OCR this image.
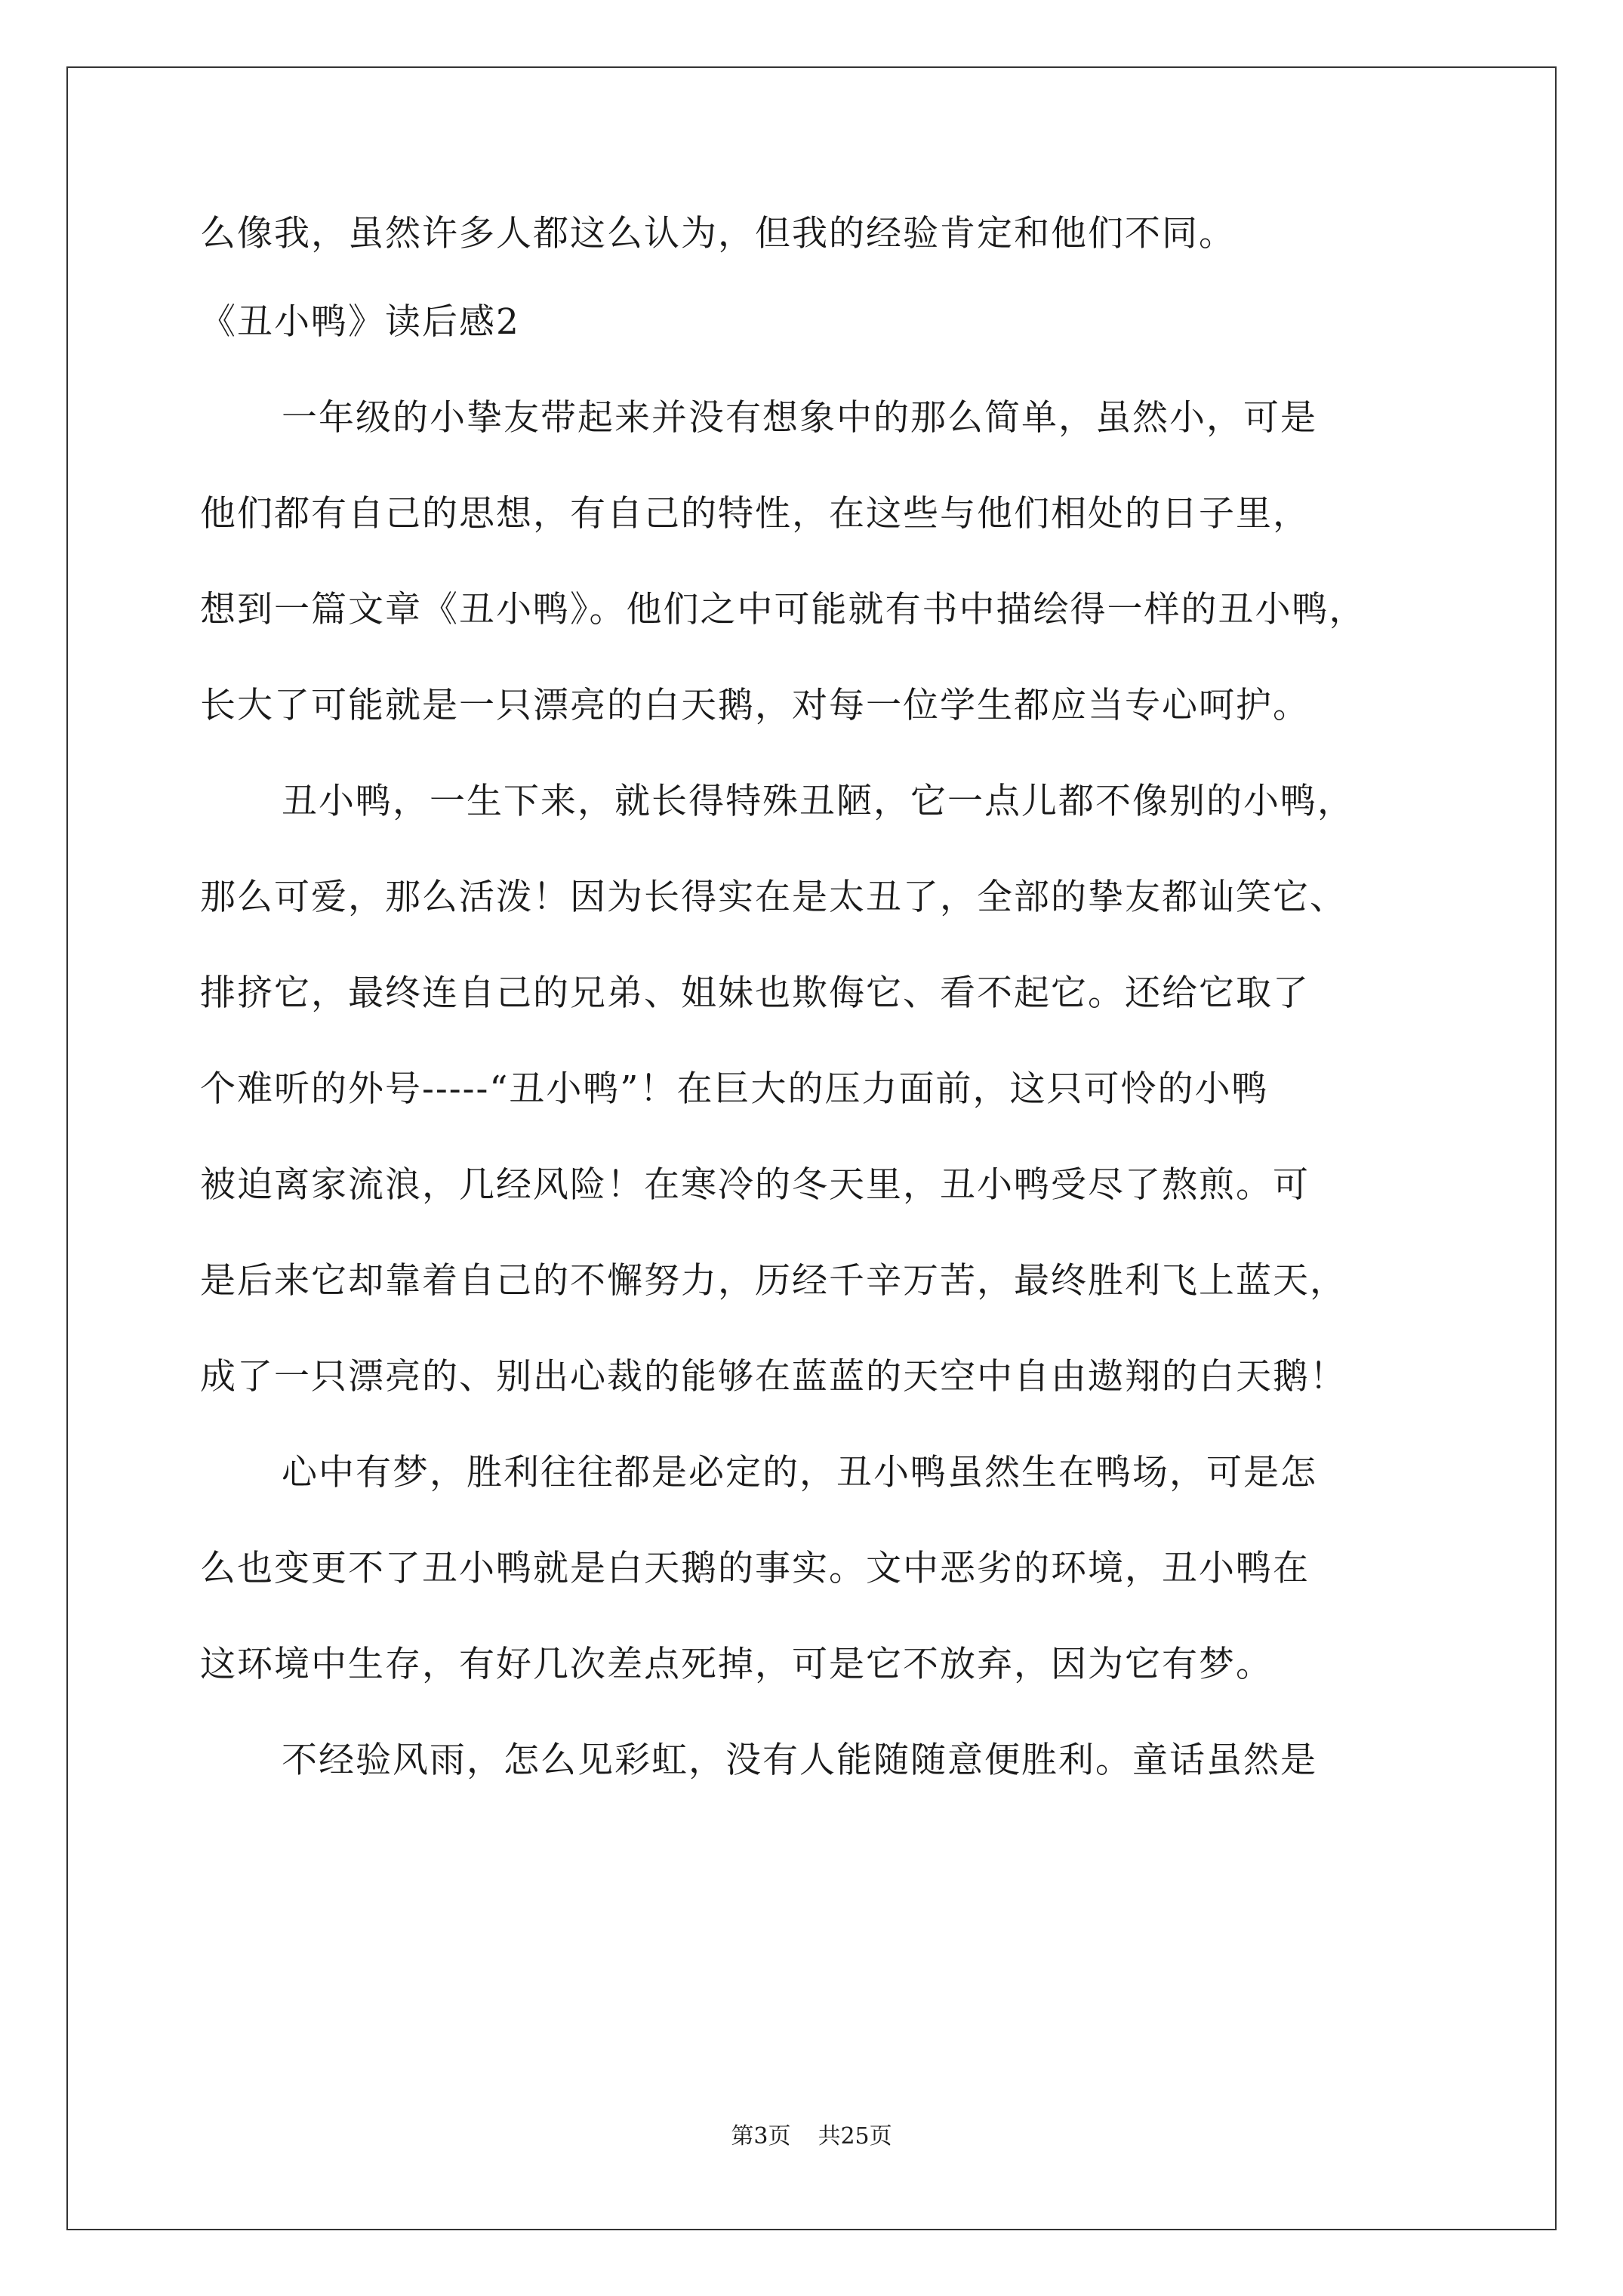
么像我，虽然许多人都这么认为，但我的经验肯定和他们不同。
《丑小鸭》读后感2
一年级的小挚友带起来并没有想象中的那么简单，虽然小，可是
他们都有自己的思想，有自己的特性，在这些与他们相处的日子里，
想到一篇文章《丑小鸭》。他们之中可能就有书中描绘得一样的丑小鸭，
长大了可能就是一只漂亮的白天鹅，对每一位学生都应当专心呵护。
丑小鸭，一生下来，就长得特殊丑陋，它一点儿都不像别的小鸭，
那么可爱，那么活泼！因为长得实在是太丑了，全部的挚友都讪笑它、
排挤它，最终连自己的兄弟、姐妹也欺侮它、看不起它。还给它取了
个难听的外号-----“丑小鸭”！在巨大的压力面前，这只可怜的小鸭
被迫离家流浪，几经风险！在寒冷的冬天里，丑小鸭受尽了熬煎。可
是后来它却靠着自己的不懈努力，历经千辛万苦，最终胜利飞上蓝天，
成了一只漂亮的、别出心裁的能够在蓝蓝的天空中自由遨翔的白天鹅！
心中有梦，胜利往往都是必定的，丑小鸭虽然生在鸭场，可是怎
么也变更不了丑小鸭就是白天鹅的事实。文中恶劣的环境，丑小鸭在
这环境中生存，有好几次差点死掉，可是它不放弃，因为它有梦。
不经验风雨，怎么见彩虹，没有人能随随意便胜利。童话虽然是
第3页 共25页
